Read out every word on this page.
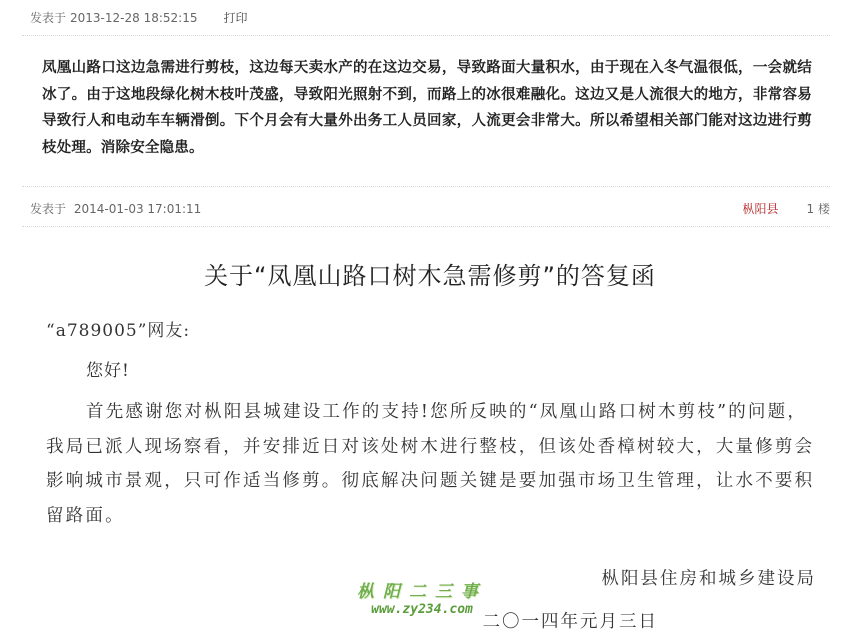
发表于 2013-12-28 18:52:15 打印

凤凰山路口这边急需进行剪枝，这边每天卖水产的在这边交易，导致路面大量积水，由于现在入冬气温很低，一会就结冰了。由于这地段绿化树木枝叶茂盛，导致阳光照射不到，而路上的冰很难融化。这边又是人流很大的地方，非常容易导致行人和电动车车辆滑倒。下个月会有大量外出务工人员回家，人流更会非常大。所以希望相关部门能对这边进行剪枝处理。消除安全隐患。

发表于 2014-01-03 17:01:11	枞阳县 1 楼
关于“凤凰山路口树木急需修剪”的答复函
“a789005”网友:
您好!

首先感谢您对枞阳县城建设工作的支持!您所反映的“凤凰山路口树木剪枝”的问题，我局已派人现场察看，并安排近日对该处树木进行整枝，但该处香樟树较大，大量修剪会影响城市景观，只可作适当修剪。彻底解决问题关键是要加强市场卫生管理，让水不要积留路面。

枞阳县住房和城乡建设局
二〇一四年元月三日
枞阳二三事
www.zy234.com
